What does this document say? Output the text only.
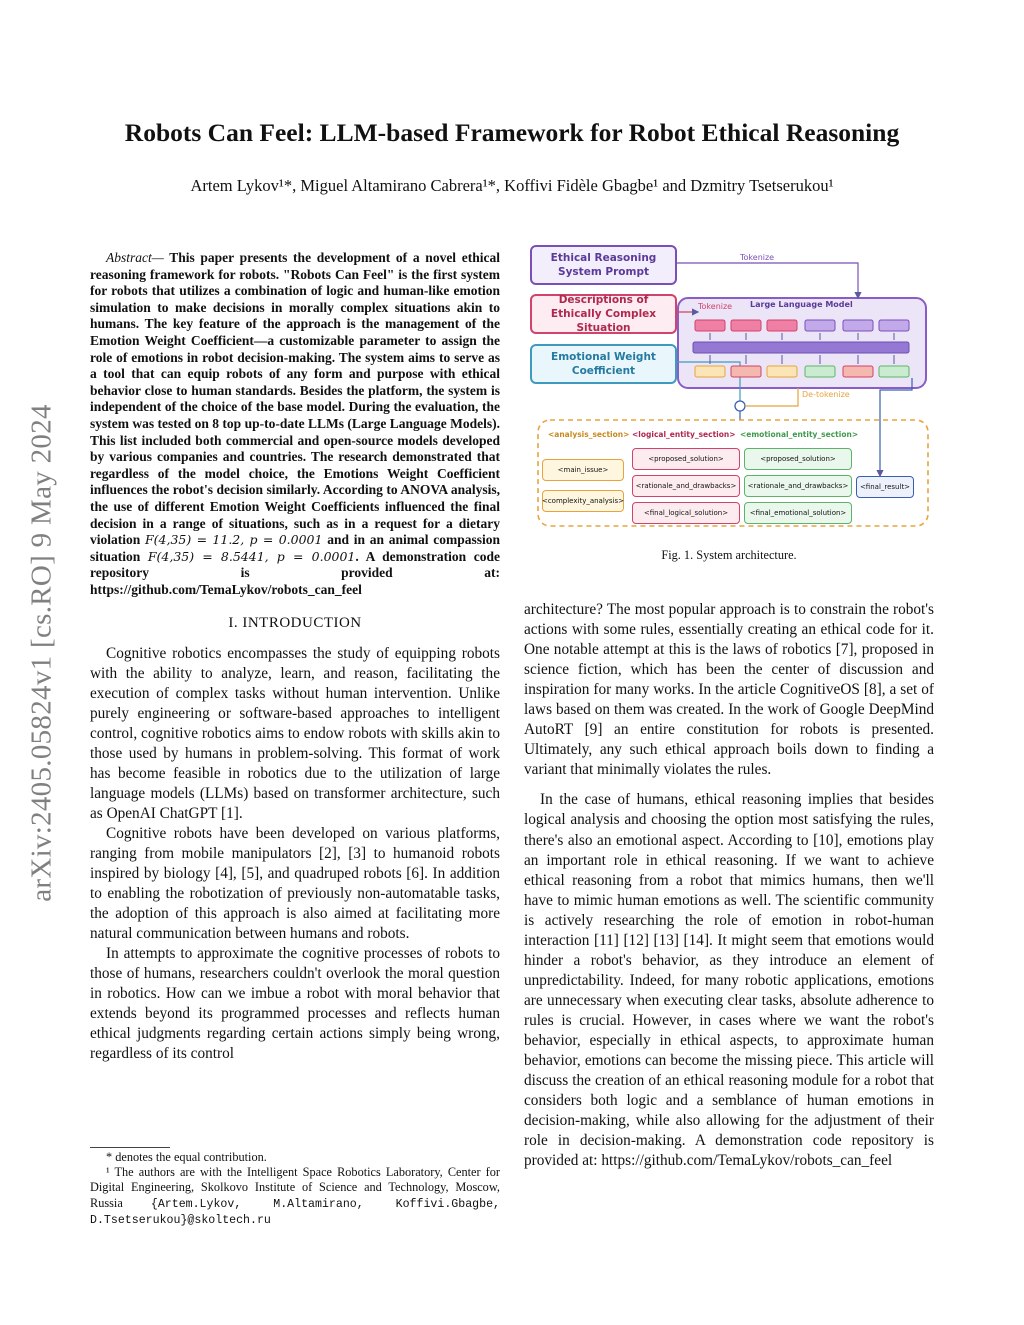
arXiv:2405.05824v1 [cs.RO] 9 May 2024
Robots Can Feel: LLM-based Framework for Robot Ethical Reasoning
Artem Lykov¹*, Miguel Altamirano Cabrera¹*, Koffivi Fidèle Gbagbe¹ and Dzmitry Tsetserukou¹

Abstract— This paper presents the development of a novel ethical reasoning framework for robots. "Robots Can Feel" is the first system for robots that utilizes a combination of logic and human-like emotion simulation to make decisions in morally complex situations akin to humans. The key feature of the approach is the management of the Emotion Weight Coefficient—a customizable parameter to assign the role of emotions in robot decision-making. The system aims to serve as a tool that can equip robots of any form and purpose with ethical behavior close to human standards. Besides the platform, the system is independent of the choice of the base model. During the evaluation, the system was tested on 8 top up-to-date LLMs (Large Language Models). This list included both commercial and open-source models developed by various companies and countries. The research demonstrated that regardless of the model choice, the Emotions Weight Coefficient influences the robot's decision similarly. According to ANOVA analysis, the use of different Emotion Weight Coefficients influenced the final decision in a range of situations, such as in a request for a dietary violation F(4,35) = 11.2, p = 0.0001 and in an animal compassion situation F(4,35) = 8.5441, p = 0.0001. A demonstration code repository is provided at: https://github.com/TemaLykov/robots_can_feel

I. INTRODUCTION

Cognitive robotics encompasses the study of equipping robots with the ability to analyze, learn, and reason, facilitating the execution of complex tasks without human intervention. Unlike purely engineering or software-based approaches to intelligent control, cognitive robotics aims to endow robots with skills akin to those used by humans in problem-solving. This format of work has become feasible in robotics due to the utilization of large language models (LLMs) based on transformer architecture, such as OpenAI ChatGPT [1].

Cognitive robots have been developed on various platforms, ranging from mobile manipulators [2], [3] to humanoid robots inspired by biology [4], [5], and quadruped robots [6]. In addition to enabling the robotization of previously non-automatable tasks, the adoption of this approach is also aimed at facilitating more natural communication between humans and robots.

In attempts to approximate the cognitive processes of robots to those of humans, researchers couldn't overlook the moral question in robotics. How can we imbue a robot with moral behavior that extends beyond its programmed processes and reflects human ethical judgments regarding certain actions simply being wrong, regardless of its control

* denotes the equal contribution.

¹ The authors are with the Intelligent Space Robotics Laboratory, Center for Digital Engineering, Skolkovo Institute of Science and Technology, Moscow, Russia {Artem.Lykov, M.Altamirano, Koffivi.Gbagbe, D.Tsetserukou}@skoltech.ru

Ethical Reasoning System Prompt
Descriptions of Ethically Complex Situation
Emotional Weight Coefficient
Tokenize
Tokenize Large Language Model
De-tokenize
<analysis_section> <logical_entity_section> <emotional_entity_section>
<main_issue>
<complexity_analysis>
<proposed_solution>
<rationale_and_drawbacks>
<final_logical_solution>
<proposed_solution>
<rationale_and_drawbacks>
<final_emotional_solution>
<final_result>
Fig. 1. System architecture.

architecture? The most popular approach is to constrain the robot's actions with some rules, essentially creating an ethical code for it. One notable attempt at this is the laws of robotics [7], proposed in science fiction, which has been the center of discussion and inspiration for many works. In the article CognitiveOS [8], a set of laws based on them was created. In the work of Google DeepMind AutoRT [9] an entire constitution for robots is presented. Ultimately, any such ethical approach boils down to finding a variant that minimally violates the rules.

In the case of humans, ethical reasoning implies that besides logical analysis and choosing the option most satisfying the rules, there's also an emotional aspect. According to [10], emotions play an important role in ethical reasoning. If we want to achieve ethical reasoning from a robot that mimics humans, then we'll have to mimic human emotions as well. The scientific community is actively researching the role of emotion in robot-human interaction [11] [12] [13] [14]. It might seem that emotions would hinder a robot's behavior, as they introduce an element of unpredictability. Indeed, for many robotic applications, emotions are unnecessary when executing clear tasks, absolute adherence to rules is crucial. However, in cases where we want the robot's behavior, especially in ethical aspects, to approximate human behavior, emotions can become the missing piece. This article will discuss the creation of an ethical reasoning module for a robot that considers both logic and a semblance of human emotions in decision-making, while also allowing for the adjustment of their role in decision-making. A demonstration code repository is provided at: https://github.com/TemaLykov/robots_can_feel
